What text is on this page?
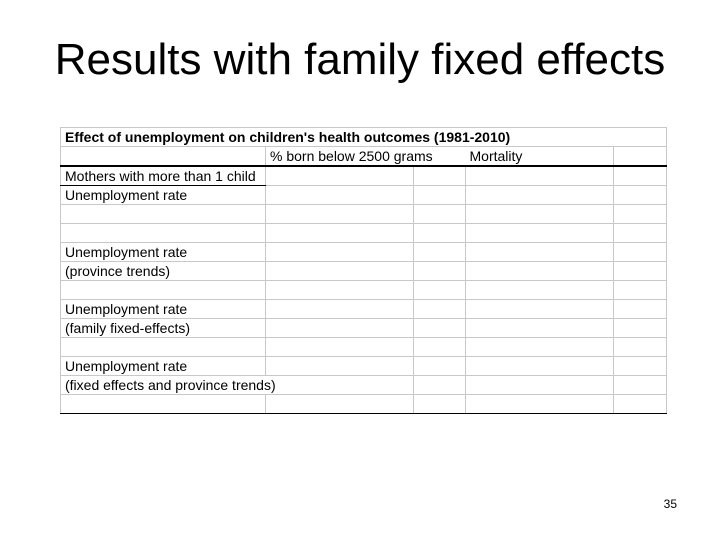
Results with family fixed effects
Effect of unemployment on children's health outcomes (1981-2010)				
	% born below 2500 grams		Mortality	
Mothers with more than 1 child				
Unemployment rate				

Unemployment rate				
(province trends)				

Unemployment rate				
(family fixed-effects)				

Unemployment rate				
(fixed effects and province trends)				

35
